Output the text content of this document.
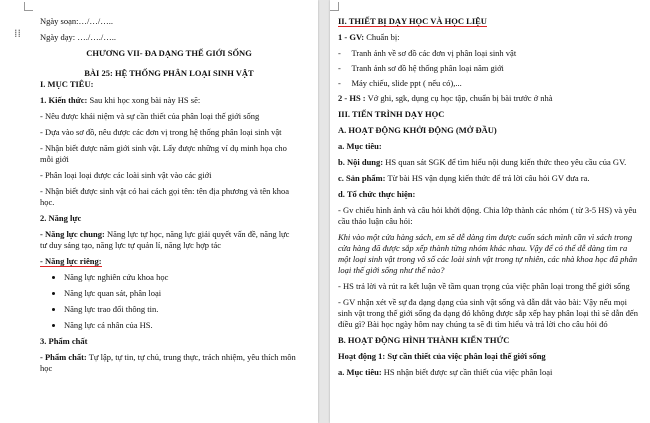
⁞⁞

Ngày soạn:…/…/…..

Ngày dạy: …./…./…..

CHƯƠNG VII- ĐA DẠNG THẾ GIỚI SỐNG

BÀI 25: HỆ THỐNG PHÂN LOẠI SINH VẬT

I. MỤC TIÊU:

1. Kiến thức: Sau khi học xong bài này HS sẽ:

- Nêu được khái niệm và sự cần thiết của phân loại thế giới sống

- Dựa vào sơ đồ, nêu được các đơn vị trong hệ thống phân loại sinh vật

- Nhận biết được năm giới sinh vật. Lấy được những ví dụ minh họa cho mỗi giới

- Phân loại loại được các loài sinh vật vào các giới

- Nhận biết được sinh vật có hai cách gọi tên: tên địa phương và tên khoa học.

2. Năng lực

- Năng lực chung: Năng lực tự học, năng lực giải quyết vấn đề, năng lực tư duy sáng tạo, năng lực tự quản lí, năng lực hợp tác

- Năng lực riêng:

• Năng lực nghiên cứu khoa học
• Năng lực quan sát, phân loại
• Năng lực trao đổi thông tin.
• Năng lực cá nhân của HS.

3. Phẩm chất

- Phẩm chất: Tự lập, tự tin, tự chủ, trung thực, trách nhiệm, yêu thích môn học

II. THIẾT BỊ DẠY HỌC VÀ HỌC LIỆU

1 - GV: Chuẩn bị:

-     Tranh ảnh về sơ đồ các đơn vị phân loại sinh vật

-     Tranh ảnh sơ đồ hệ thống phân loại năm giới

-     Máy chiếu, slide ppt ( nếu có),...

2 - HS : Vở ghi, sgk, dụng cụ học tập, chuẩn bị bài trước ở nhà

III. TIẾN TRÌNH DẠY HỌC

A. HOẠT ĐỘNG KHỞI ĐỘNG (MỞ ĐẦU)

a. Mục tiêu:

b. Nội dung: HS quan sát SGK để tìm hiểu nội dung kiến thức theo yêu cầu của GV.

c. Sản phẩm: Từ bài HS vận dụng kiến thức để trả lời câu hỏi GV đưa ra.

d. Tổ chức thực hiện:

- Gv chiếu hình ảnh và câu hỏi khởi động. Chia lớp thành các nhóm ( từ 3-5 HS) và yêu cầu thảo luận câu hỏi:

Khi vào một cửa hàng sách, em sẽ dễ dàng tìm được cuốn sách mình cần vì sách trong cửa hàng đã được sắp xếp thành từng nhóm khác nhau. Vậy để có thể dễ dàng tìm ra một loại sinh vật trong vô số các loài sinh vật trong tự nhiên, các nhà khoa học đã phân loại thế giới sống như thế nào?

- HS trả lời và rút ra kết luận về tầm quan trọng của việc phân loại trong thế giới sống

- GV nhận xét về sự đa dạng dạng của sinh vật sống và dẫn dắt vào bài: Vậy nếu mọi sinh vật trong thế giới sống đa dạng đó không được sắp xếp hay phân loại thì sẽ dẫn đến điều gì? Bài học ngày hôm nay chúng ta sẽ đi tìm hiểu và trả lời cho câu hỏi đó

B. HOẠT ĐỘNG HÌNH THÀNH KIẾN THỨC

Hoạt động 1: Sự cần thiết của việc phân loại thế giới sống

a. Mục tiêu: HS nhận biết được sự cần thiết của việc phân loại
